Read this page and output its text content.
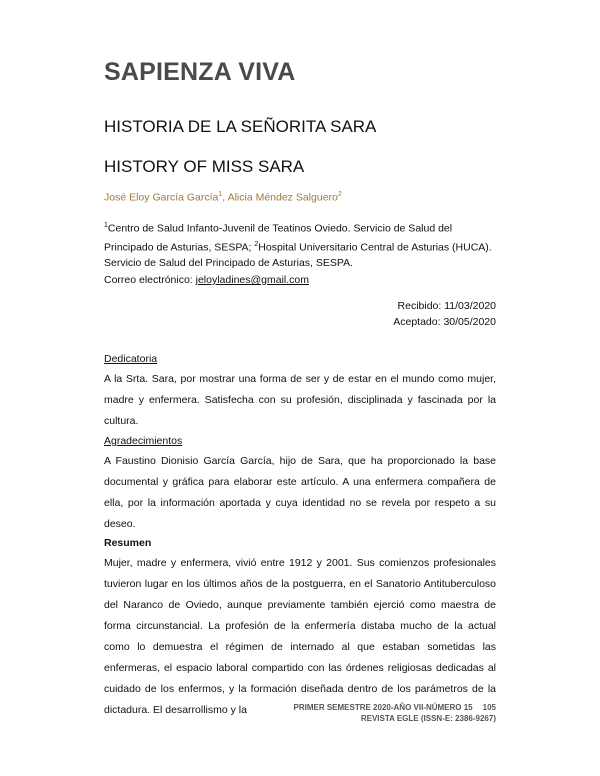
SAPIENZA VIVA
HISTORIA DE LA SEÑORITA SARA
HISTORY OF MISS SARA
José Eloy García García$^1$, Alicia Méndez Salguero$^2$
$^1$Centro de Salud Infanto-Juvenil de Teatinos Oviedo. Servicio de Salud del Principado de Asturias, SESPA; $^2$Hospital Universitario Central de Asturias (HUCA). Servicio de Salud del Principado de Asturias, SESPA.
Correo electrónico: jeloyladines@gmail.com
Recibido: 11/03/2020
Aceptado: 30/05/2020
Dedicatoria
A la Srta. Sara, por mostrar una forma de ser y de estar en el mundo como mujer, madre y enfermera. Satisfecha con su profesión, disciplinada y fascinada por la cultura.
Agradecimientos
A Faustino Dionisio García García, hijo de Sara, que ha proporcionado la base documental y gráfica para elaborar este artículo. A una enfermera compañera de ella, por la información aportada y cuya identidad no se revela por respeto a su deseo.
Resumen
Mujer, madre y enfermera, vivió entre 1912 y 2001. Sus comienzos profesionales tuvieron lugar en los últimos años de la postguerra, en el Sanatorio Antituberculoso del Naranco de Oviedo, aunque previamente también ejerció como maestra de forma circunstancial. La profesión de la enfermería distaba mucho de la actual como lo demuestra el régimen de internado al que estaban sometidas las enfermeras, el espacio laboral compartido con las órdenes religiosas dedicadas al cuidado de los enfermos, y la formación diseñada dentro de los parámetros de la dictadura. El desarrollismo y la	PRIMER SEMESTRE 2020-AÑO VII-NÚMERO 15 105
REVISTA EGLE (ISSN-E: 2386-9267)
